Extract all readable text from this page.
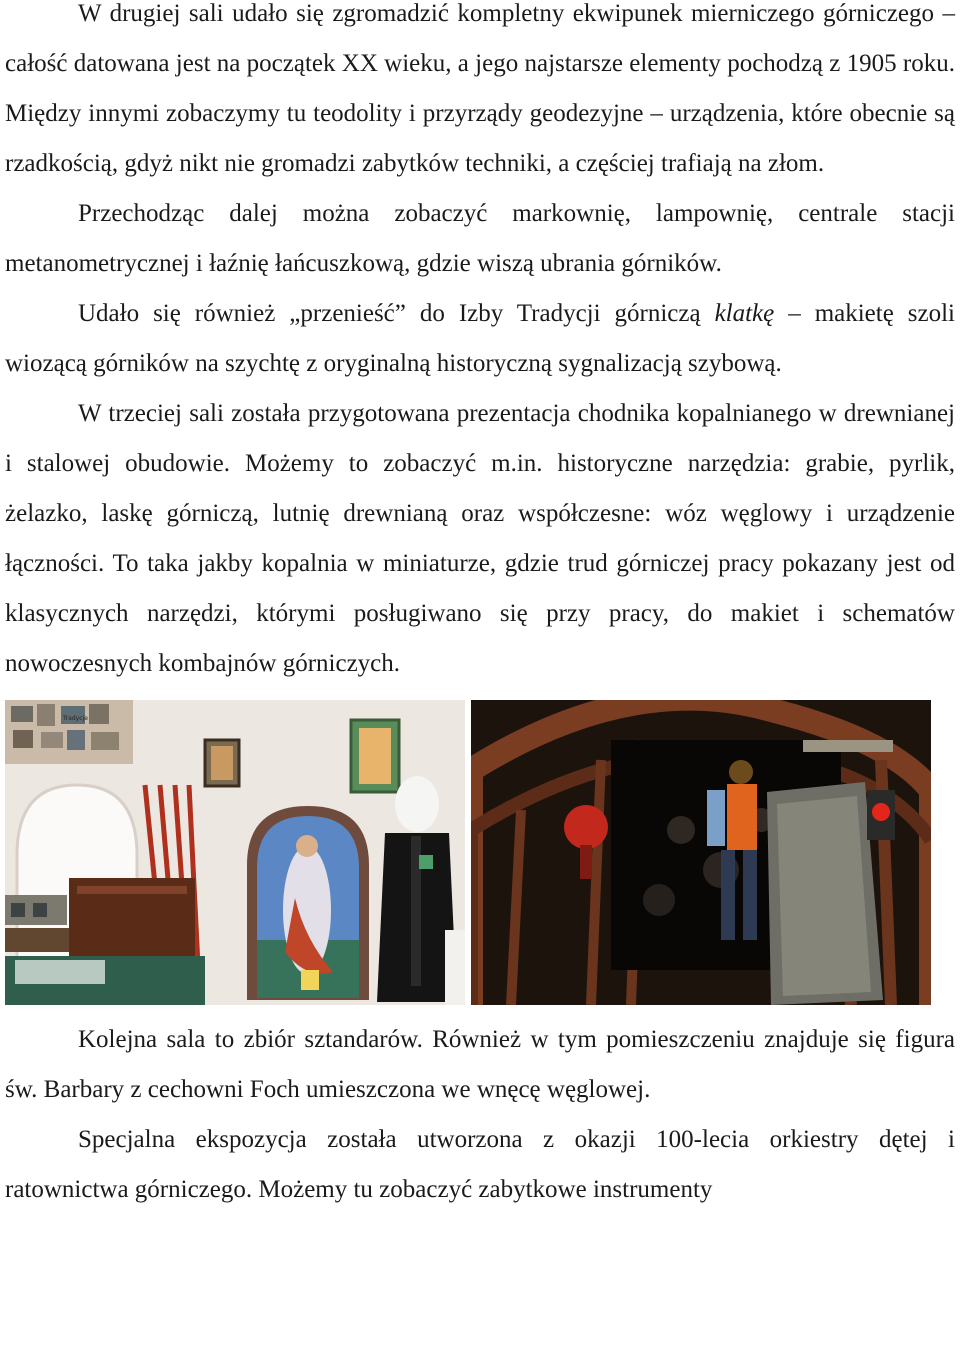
W drugiej sali udało się zgromadzić kompletny ekwipunek mierniczego górniczego – całość datowana jest na początek XX wieku, a jego najstarsze elementy pochodzą z 1905 roku. Między innymi zobaczymy tu teodolity i przyrządy geodezyjne – urządzenia, które obecnie są rzadkością, gdyż nikt nie gromadzi zabytków techniki, a częściej trafiają na złom.

Przechodząc dalej można zobaczyć markownię, lampownię, centrale stacji metanometrycznej i łaźnię łańcuszkową, gdzie wiszą ubrania górników.

Udało się również „przenieść” do Izby Tradycji górniczą klatkę – makietę szoli wiozącą górników na szychtę z oryginalną historyczną sygnalizacją szybową.

W trzeciej sali została przygotowana prezentacja chodnika kopalnianego w drewnianej i stalowej obudowie. Możemy to zobaczyć m.in. historyczne narzędzia: grabie, pyrlik, żelazko, laskę górniczą, lutnię drewnianą oraz współczesne: wóz węglowy i urządzenie łączności. To taka jakby kopalnia w miniaturze, gdzie trud górniczej pracy pokazany jest od klasycznych narzędzi, którymi posługiwano się przy pracy, do makiet i schematów nowoczesnych kombajnów górniczych.

Tradycje

Kolejna sala to zbiór sztandarów. Również w tym pomieszczeniu znajduje się figura św. Barbary z cechowni Foch umieszczona we wnęcę węglowej.

Specjalna ekspozycja została utworzona z okazji 100-lecia orkiestry dętej i ratownictwa górniczego. Możemy tu zobaczyć zabytkowe instrumenty
